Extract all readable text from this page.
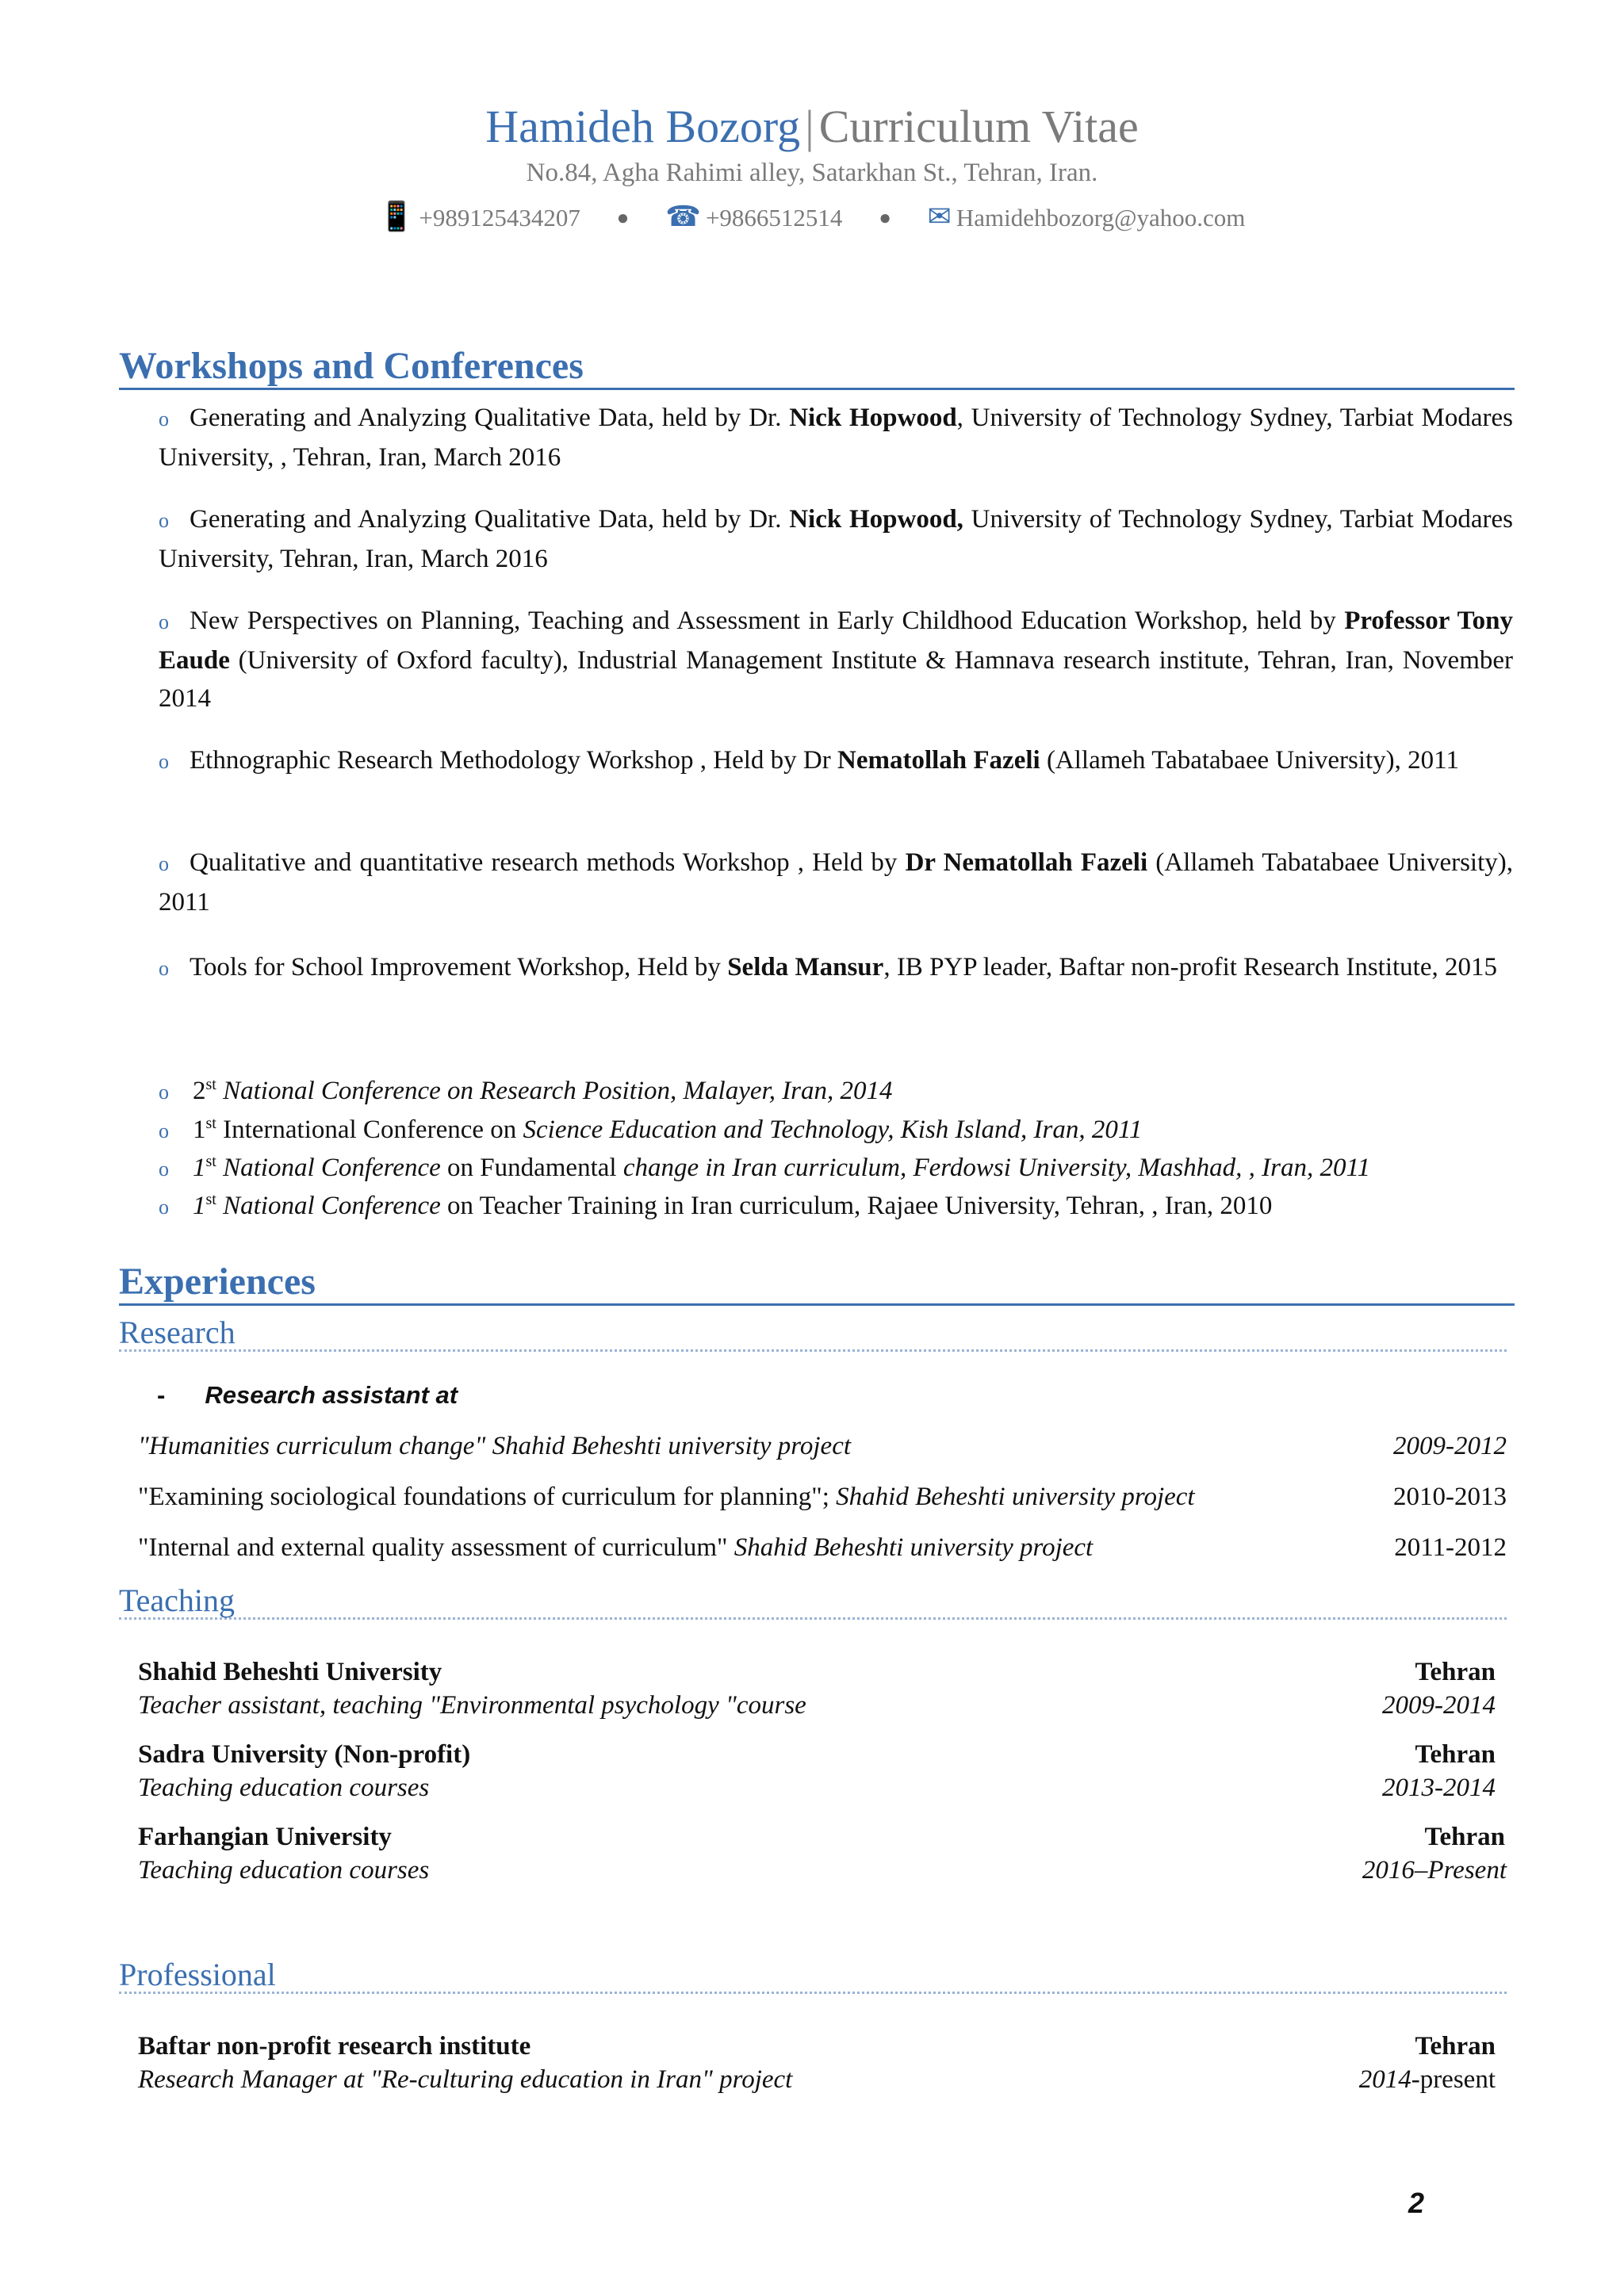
Hamideh Bozorg | Curriculum Vitae
No.84, Agha Rahimi alley, Satarkhan St., Tehran, Iran.
📱 +989125434207 ● ☎ +9866512514 ● ✉ Hamidehbozorg@yahoo.com
Workshops and Conferences
o Generating and Analyzing Qualitative Data, held by Dr. Nick Hopwood, University of Technology Sydney, Tarbiat Modares University, , Tehran, Iran, March 2016
o Generating and Analyzing Qualitative Data, held by Dr. Nick Hopwood, University of Technology Sydney, Tarbiat Modares University, Tehran, Iran, March 2016
o New Perspectives on Planning, Teaching and Assessment in Early Childhood Education Workshop, held by Professor Tony Eaude (University of Oxford faculty), Industrial Management Institute & Hamnava research institute, Tehran, Iran, November 2014
o Ethnographic Research Methodology Workshop , Held by Dr Nematollah Fazeli (Allameh Tabatabaee University), 2011
o Qualitative and quantitative research methods Workshop , Held by Dr Nematollah Fazeli (Allameh Tabatabaee University), 2011
o Tools for School Improvement Workshop, Held by Selda Mansur, IB PYP leader, Baftar non-profit Research Institute, 2015
o 2st National Conference on Research Position, Malayer, Iran, 2014
o 1st International Conference on Science Education and Technology, Kish Island, Iran, 2011
o 1st National Conference on Fundamental change in Iran curriculum, Ferdowsi University, Mashhad, , Iran, 2011
o 1st National Conference on Teacher Training in Iran curriculum, Rajaee University, Tehran, , Iran, 2010
Experiences
Research
- Research assistant at
"Humanities curriculum change" Shahid Beheshti university project	2009-2012
"Examining sociological foundations of curriculum for planning"; Shahid Beheshti university project	2010-2013
"Internal and external quality assessment of curriculum" Shahid Beheshti university project	2011-2012
Teaching
Shahid Beheshti University	Tehran
Teacher assistant, teaching "Environmental psychology "course	2009-2014
Sadra University (Non-profit)	Tehran
Teaching education courses	2013-2014
Farhangian University	Tehran
Teaching education courses	2016–Present
Professional
Baftar non-profit research institute	Tehran
Research Manager at "Re-culturing education in Iran" project	2014-present
2
